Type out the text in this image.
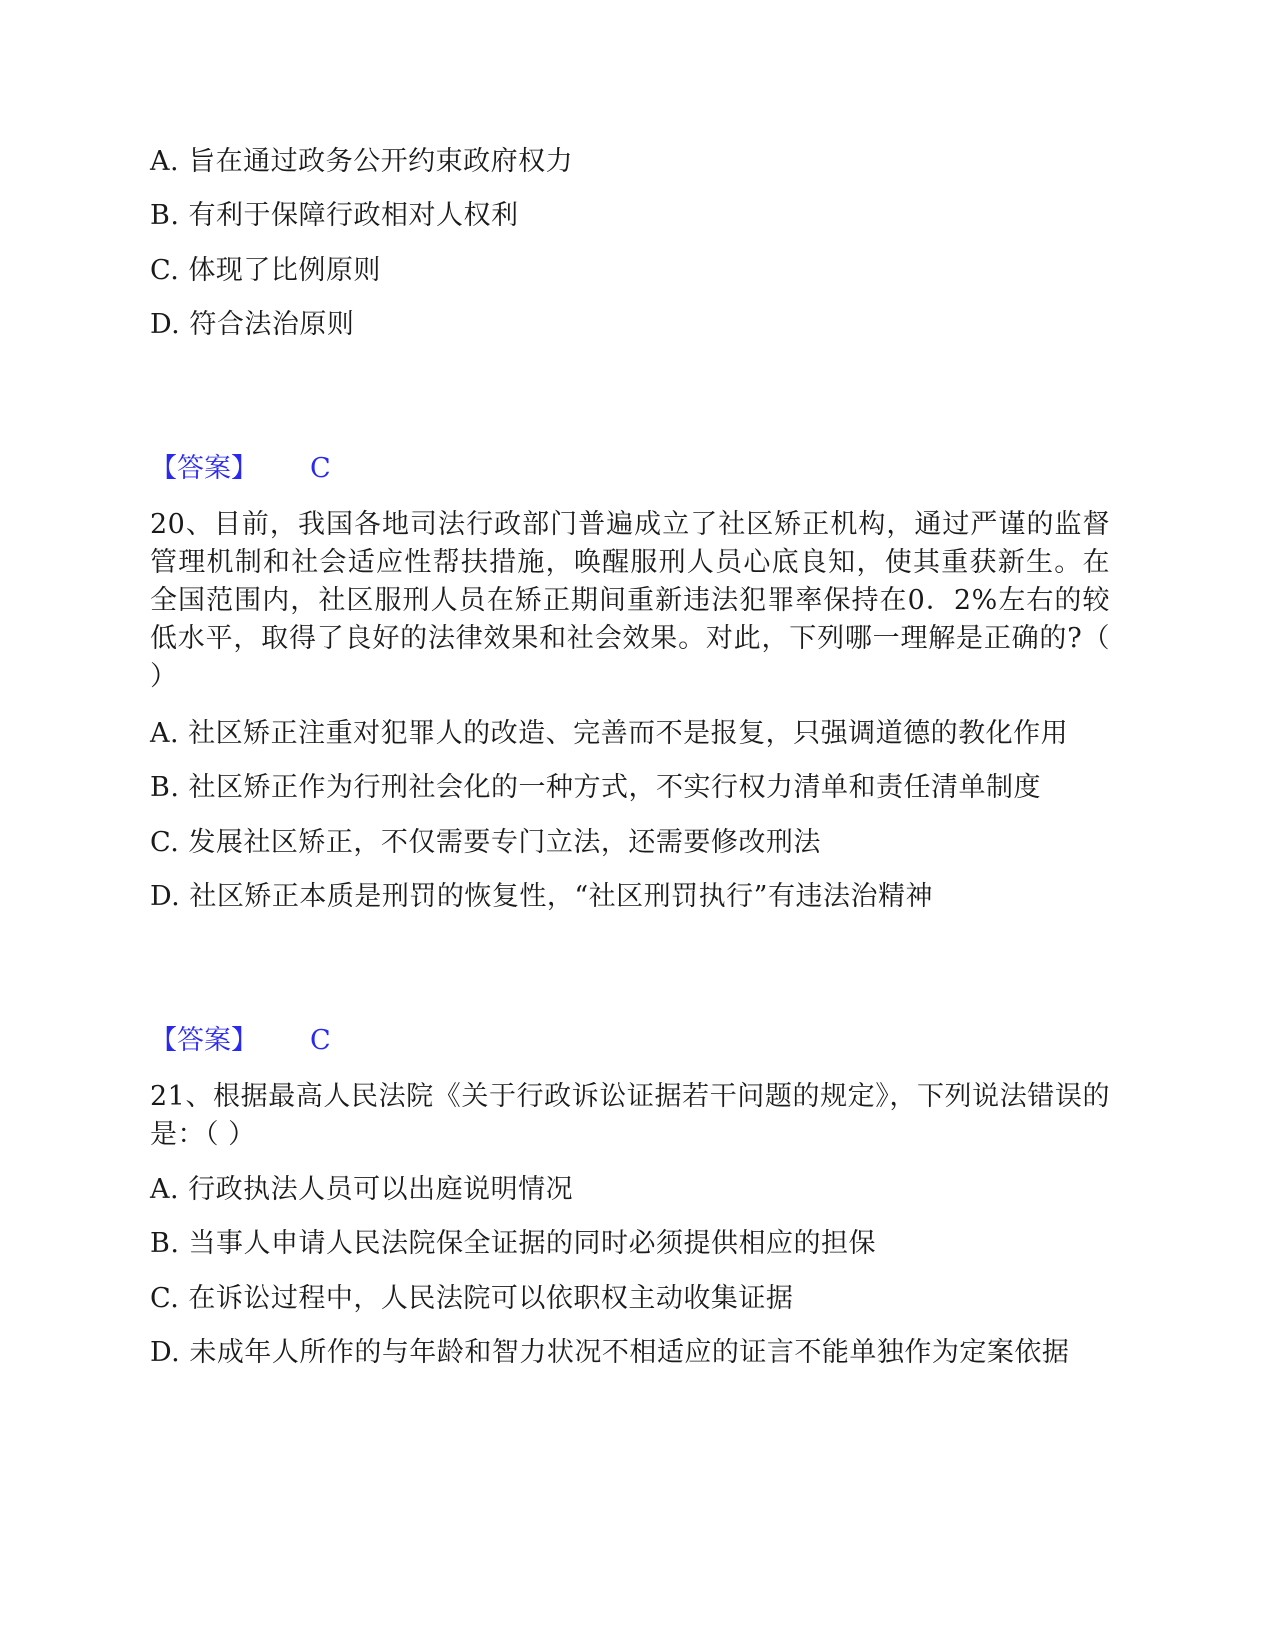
A. 旨在通过政务公开约束政府权力
B. 有利于保障行政相对人权利
C. 体现了比例原则
D. 符合法治原则
【答案】 C
20、目前，我国各地司法行政部门普遍成立了社区矫正机构，通过严谨的监督管理机制和社会适应性帮扶措施，唤醒服刑人员心底良知，使其重获新生。在全国范围内，社区服刑人员在矫正期间重新违法犯罪率保持在0．2%左右的较低水平，取得了良好的法律效果和社会效果。对此，下列哪一理解是正确的?（ ）
A. 社区矫正注重对犯罪人的改造、完善而不是报复，只强调道德的教化作用
B. 社区矫正作为行刑社会化的一种方式，不实行权力清单和责任清单制度
C. 发展社区矫正，不仅需要专门立法，还需要修改刑法
D. 社区矫正本质是刑罚的恢复性，“社区刑罚执行”有违法治精神
【答案】 C
21、根据最高人民法院《关于行政诉讼证据若干问题的规定》，下列说法错误的是：（ ）
A. 行政执法人员可以出庭说明情况
B. 当事人申请人民法院保全证据的同时必须提供相应的担保
C. 在诉讼过程中，人民法院可以依职权主动收集证据
D. 未成年人所作的与年龄和智力状况不相适应的证言不能单独作为定案依据
